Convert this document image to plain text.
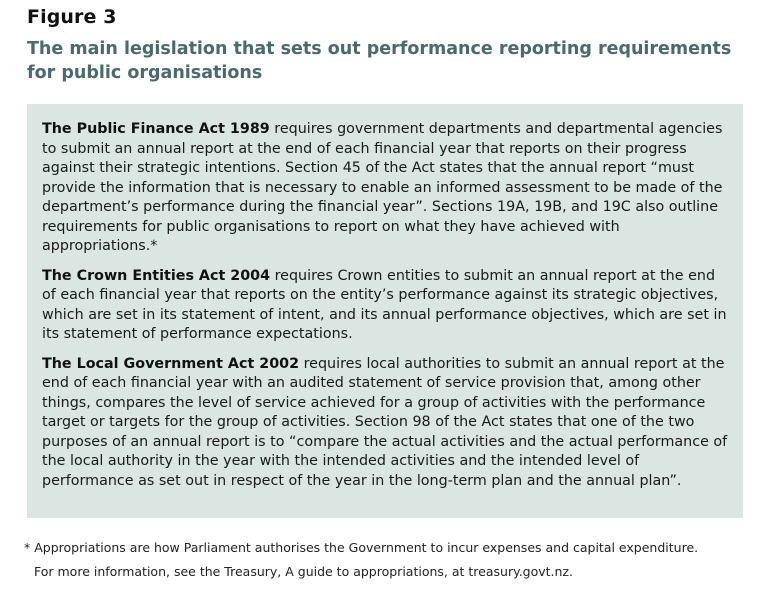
Figure 3
The main legislation that sets out performance reporting requirements for public organisations

The Public Finance Act 1989 requires government departments and departmental agencies to submit an annual report at the end of each financial year that reports on their progress against their strategic intentions. Section 45 of the Act states that the annual report “must provide the information that is necessary to enable an informed assessment to be made of the department’s performance during the financial year”. Sections 19A, 19B, and 19C also outline requirements for public organisations to report on what they have achieved with appropriations.*

The Crown Entities Act 2004 requires Crown entities to submit an annual report at the end of each financial year that reports on the entity’s performance against its strategic objectives, which are set in its statement of intent, and its annual performance objectives, which are set in its statement of performance expectations.

The Local Government Act 2002 requires local authorities to submit an annual report at the end of each financial year with an audited statement of service provision that, among other things, compares the level of service achieved for a group of activities with the performance target or targets for the group of activities. Section 98 of the Act states that one of the two purposes of an annual report is to “compare the actual activities and the actual performance of the local authority in the year with the intended activities and the intended level of performance as set out in respect of the year in the long-term plan and the annual plan”.

* Appropriations are how Parliament authorises the Government to incur expenses and capital expenditure.
For more information, see the Treasury, A guide to appropriations, at treasury.govt.nz.
